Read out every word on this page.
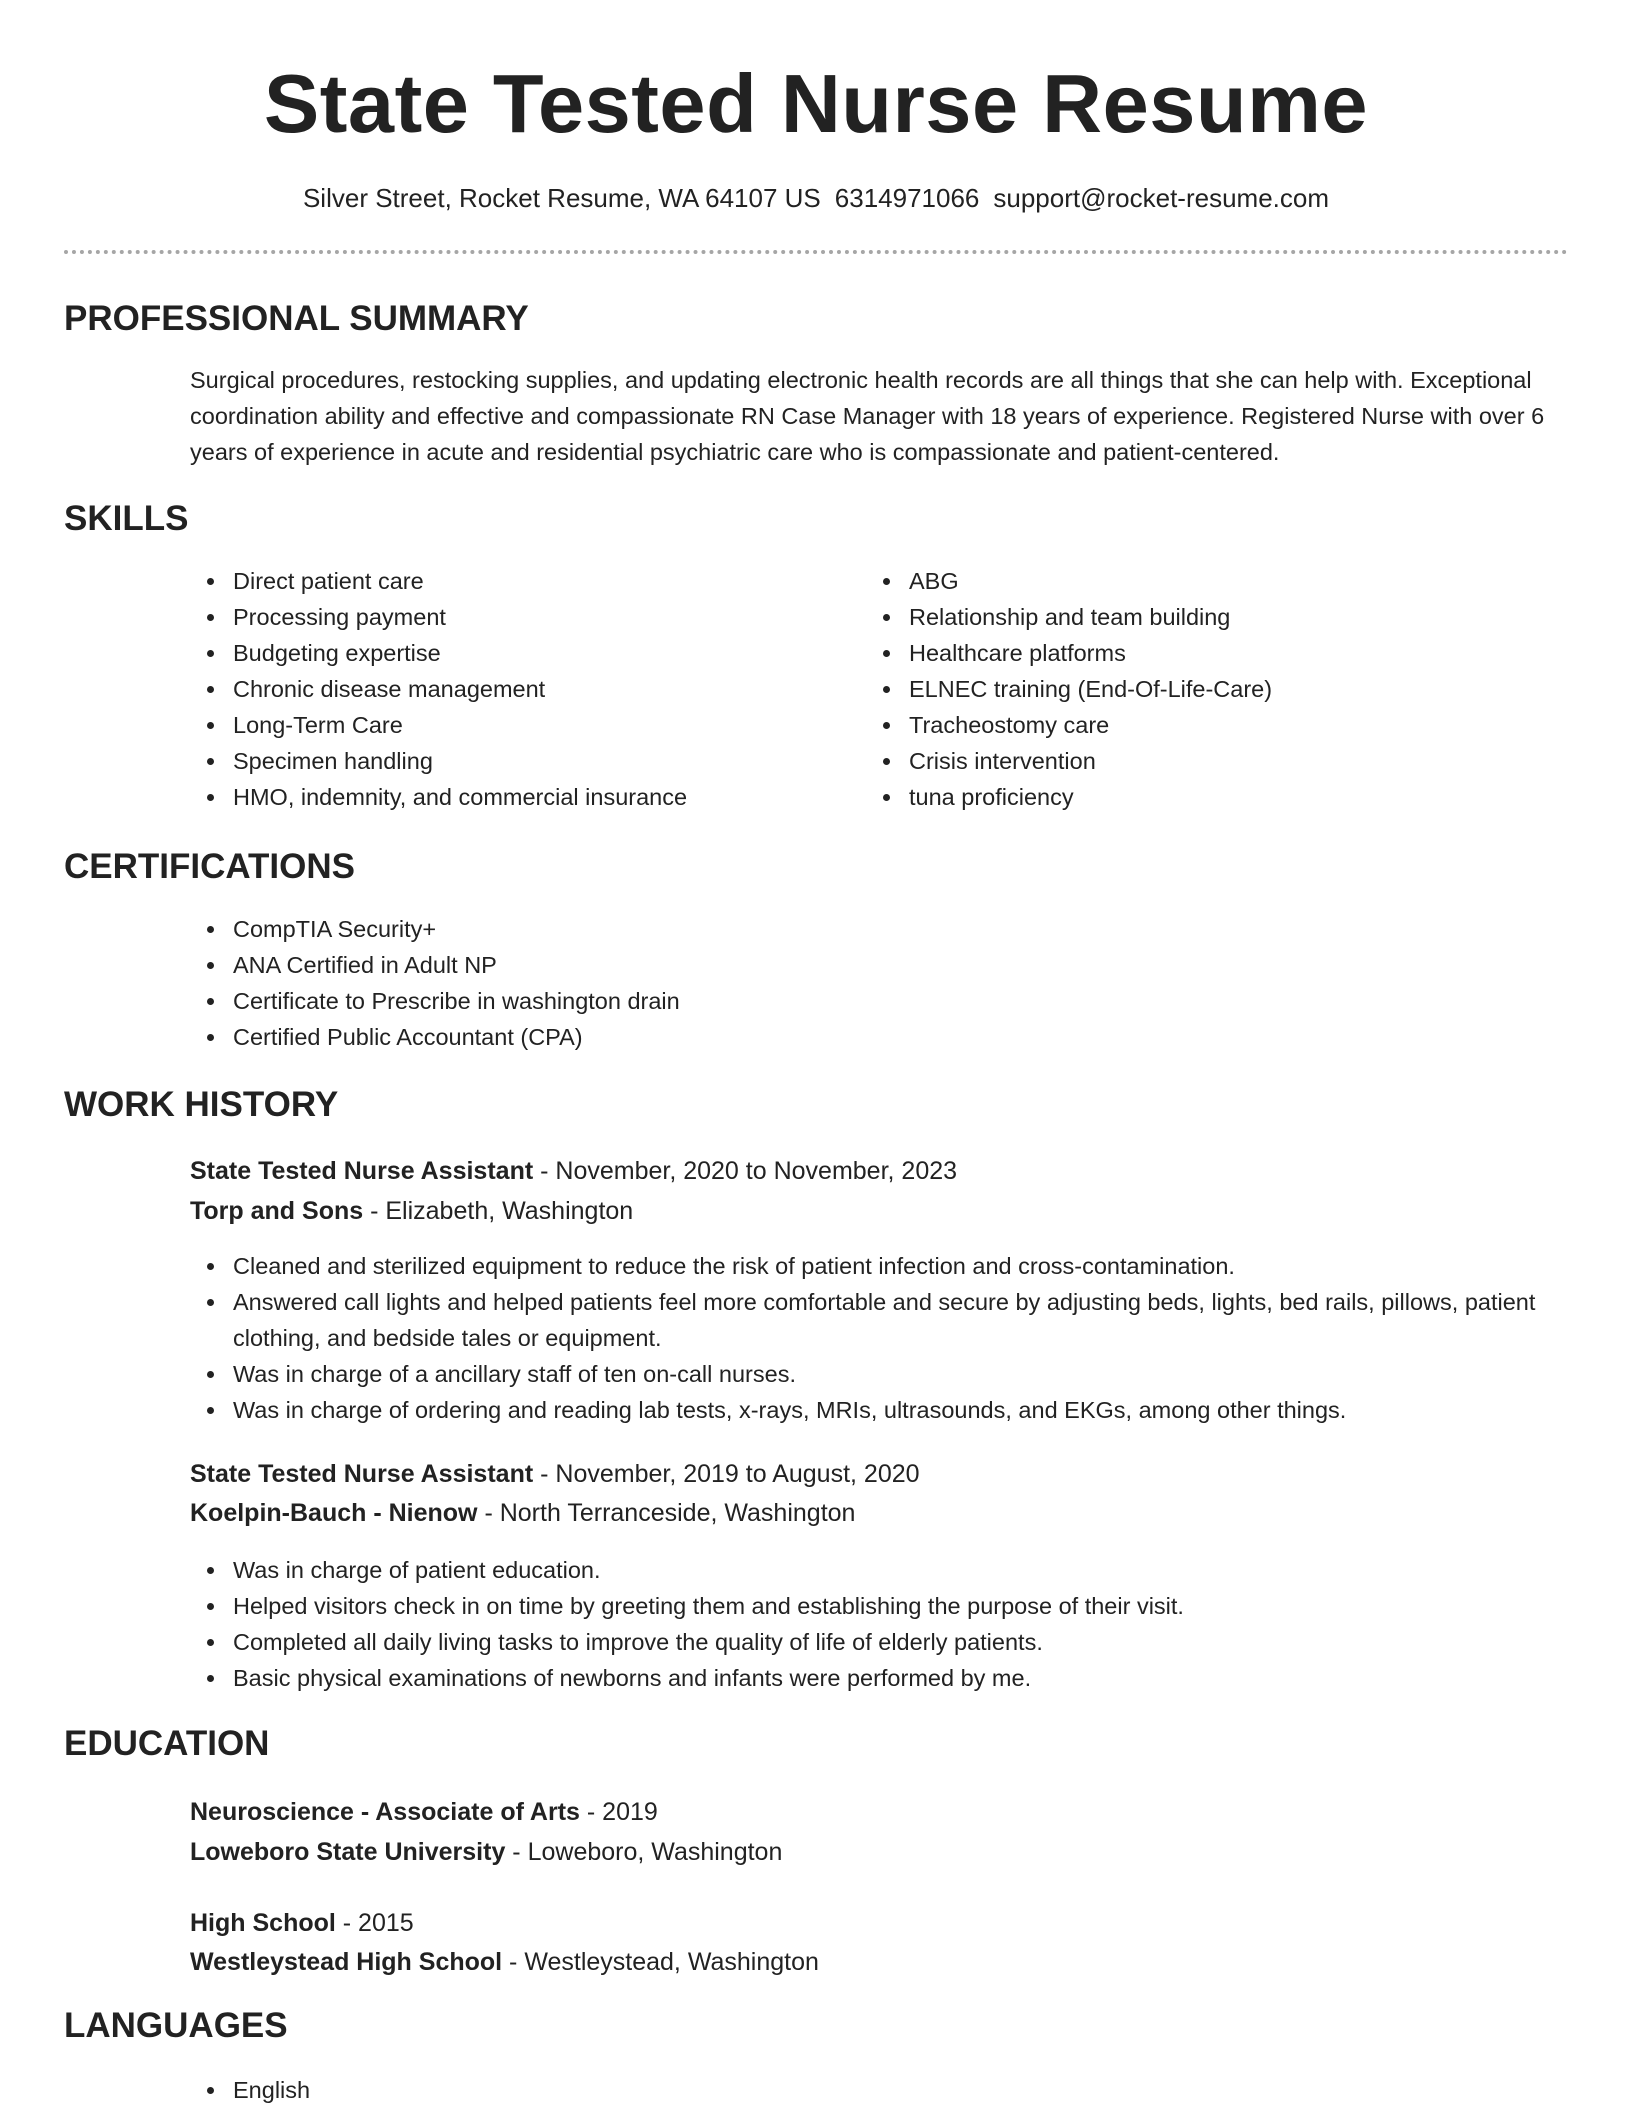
State Tested Nurse Resume
Silver Street, Rocket Resume, WA 64107 US 6314971066 support@rocket-resume.com
PROFESSIONAL SUMMARY
Surgical procedures, restocking supplies, and updating electronic health records are all things that she can help with. Exceptional coordination ability and effective and compassionate RN Case Manager with 18 years of experience. Registered Nurse with over 6 years of experience in acute and residential psychiatric care who is compassionate and patient-centered.
SKILLS
Direct patient care
Processing payment
Budgeting expertise
Chronic disease management
Long-Term Care
Specimen handling
HMO, indemnity, and commercial insurance
ABG
Relationship and team building
Healthcare platforms
ELNEC training (End-Of-Life-Care)
Tracheostomy care
Crisis intervention
tuna proficiency
CERTIFICATIONS
CompTIA Security+
ANA Certified in Adult NP
Certificate to Prescribe in washington drain
Certified Public Accountant (CPA)
WORK HISTORY
State Tested Nurse Assistant - November, 2020 to November, 2023
Torp and Sons - Elizabeth, Washington
Cleaned and sterilized equipment to reduce the risk of patient infection and cross-contamination.
Answered call lights and helped patients feel more comfortable and secure by adjusting beds, lights, bed rails, pillows, patient clothing, and bedside tales or equipment.
Was in charge of a ancillary staff of ten on-call nurses.
Was in charge of ordering and reading lab tests, x-rays, MRIs, ultrasounds, and EKGs, among other things.
State Tested Nurse Assistant - November, 2019 to August, 2020
Koelpin-Bauch - Nienow - North Terranceside, Washington
Was in charge of patient education.
Helped visitors check in on time by greeting them and establishing the purpose of their visit.
Completed all daily living tasks to improve the quality of life of elderly patients.
Basic physical examinations of newborns and infants were performed by me.
EDUCATION
Neuroscience - Associate of Arts - 2019
Loweboro State University - Loweboro, Washington
High School - 2015
Westleystead High School - Westleystead, Washington
LANGUAGES
English
